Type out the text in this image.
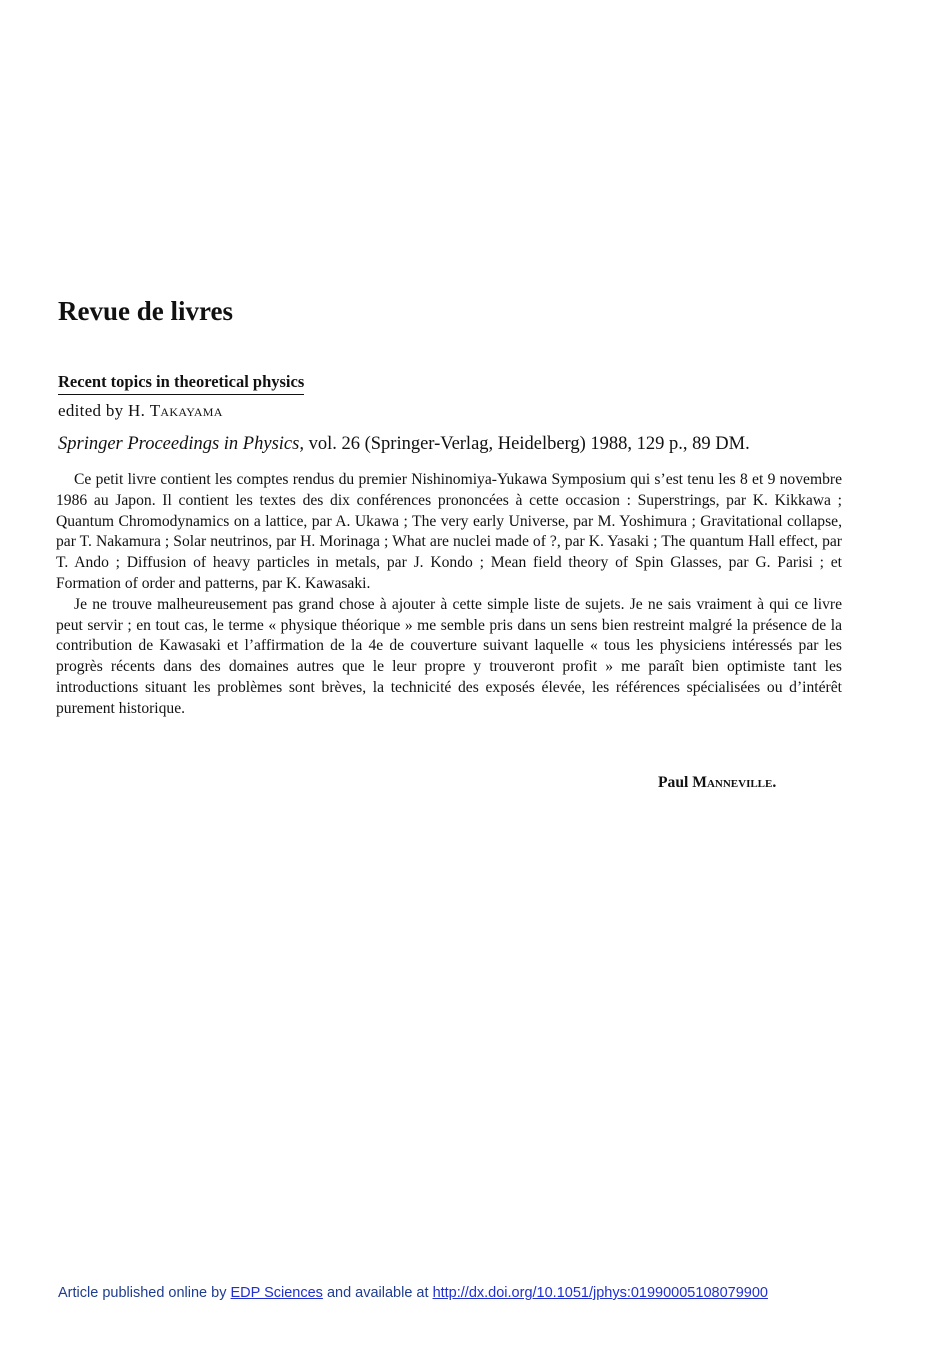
Revue de livres
Recent topics in theoretical physics
edited by H. Takayama
Springer Proceedings in Physics, vol. 26 (Springer-Verlag, Heidelberg) 1988, 129 p., 89 DM.

Ce petit livre contient les comptes rendus du premier Nishinomiya-Yukawa Symposium qui s’est tenu les 8 et 9 novembre 1986 au Japon. Il contient les textes des dix conférences prononcées à cette occasion : Superstrings, par K. Kikkawa ; Quantum Chromodynamics on a lattice, par A. Ukawa ; The very early Universe, par M. Yoshimura ; Gravitational collapse, par T. Nakamura ; Solar neutrinos, par H. Morinaga ; What are nuclei made of ?, par K. Yasaki ; The quantum Hall effect, par T. Ando ; Diffusion of heavy particles in metals, par J. Kondo ; Mean field theory of Spin Glasses, par G. Parisi ; et Formation of order and patterns, par K. Kawasaki.

Je ne trouve malheureusement pas grand chose à ajouter à cette simple liste de sujets. Je ne sais vraiment à qui ce livre peut servir ; en tout cas, le terme « physique théorique » me semble pris dans un sens bien restreint malgré la présence de la contribution de Kawasaki et l’affirmation de la 4e de couverture suivant laquelle « tous les physiciens intéressés par les progrès récents dans des domaines autres que le leur propre y trouveront profit » me paraît bien optimiste tant les introductions situant les problèmes sont brèves, la technicité des exposés élevée, les références spécialisées ou d’intérêt purement historique.

Paul Manneville.
Article published online by EDP Sciences and available at http://dx.doi.org/10.1051/jphys:01990005108079900
